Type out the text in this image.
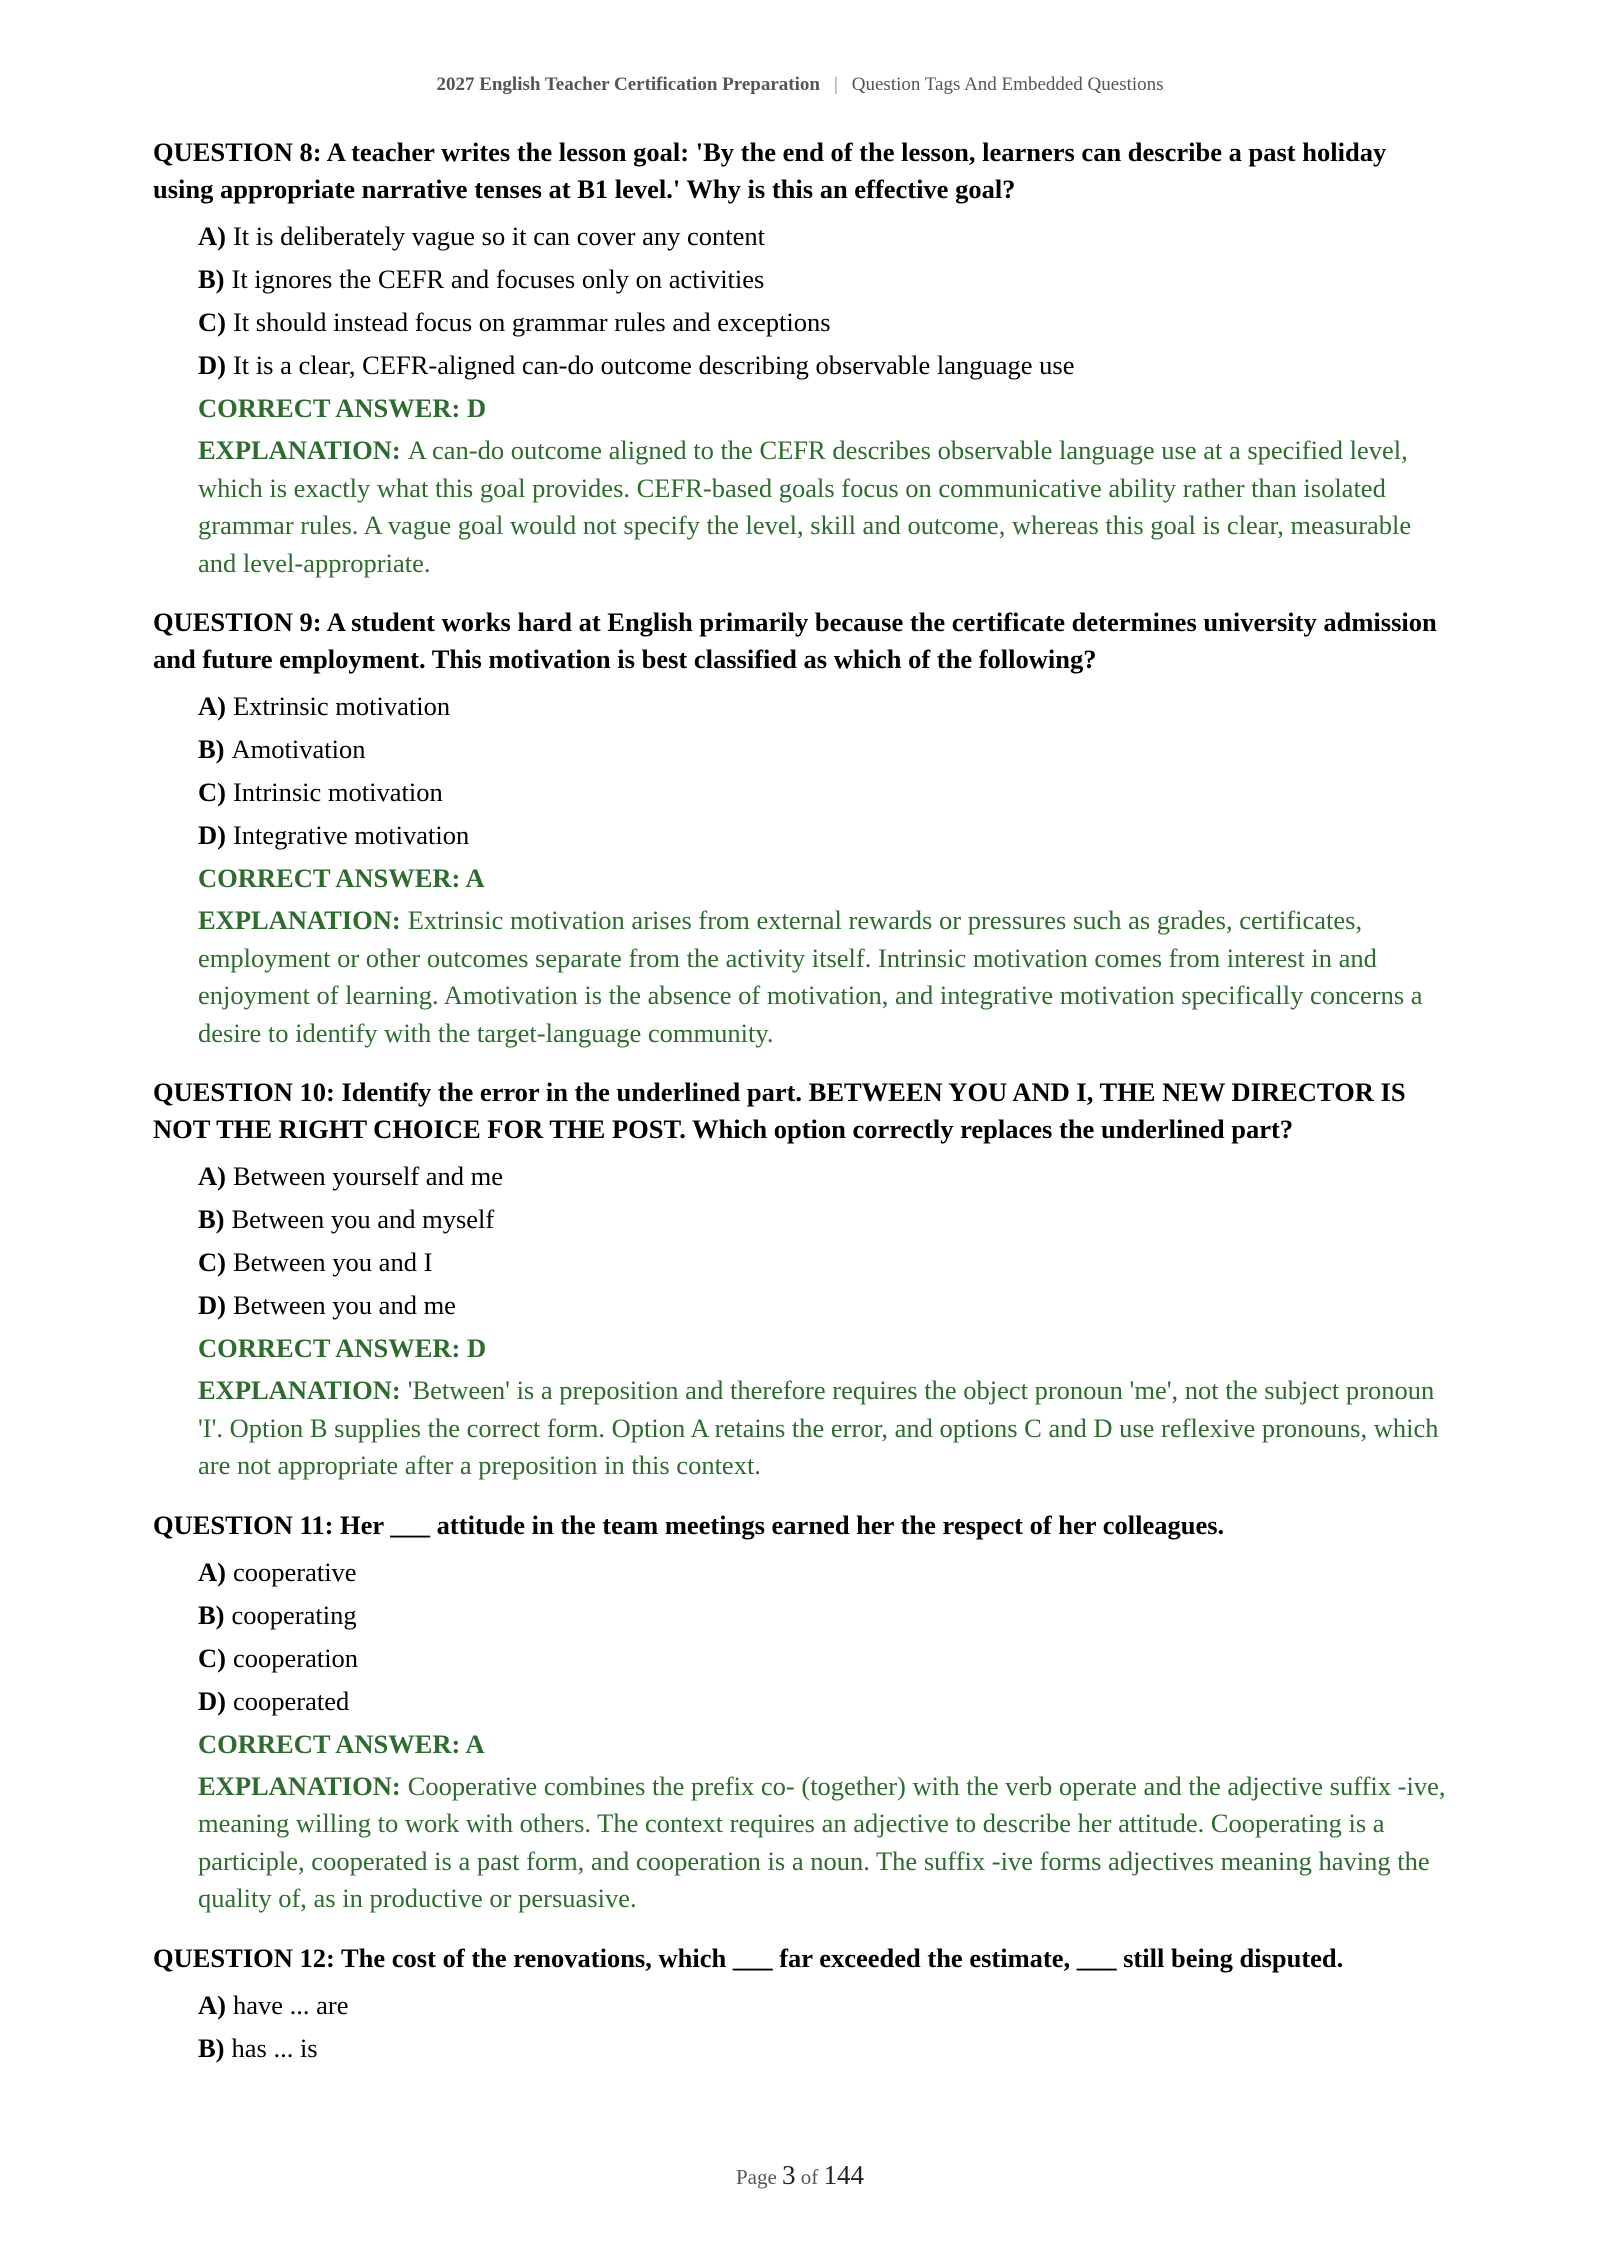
2027 English Teacher Certification Preparation | Question Tags And Embedded Questions

QUESTION 8: A teacher writes the lesson goal: 'By the end of the lesson, learners can describe a past holiday using appropriate narrative tenses at B1 level.' Why is this an effective goal?

A) It is deliberately vague so it can cover any content
B) It ignores the CEFR and focuses only on activities
C) It should instead focus on grammar rules and exceptions
D) It is a clear, CEFR-aligned can-do outcome describing observable language use
CORRECT ANSWER: D
EXPLANATION: A can-do outcome aligned to the CEFR describes observable language use at a specified level, which is exactly what this goal provides. CEFR-based goals focus on communicative ability rather than isolated grammar rules. A vague goal would not specify the level, skill and outcome, whereas this goal is clear, measurable and level-appropriate.

QUESTION 9: A student works hard at English primarily because the certificate determines university admission and future employment. This motivation is best classified as which of the following?

A) Extrinsic motivation
B) Amotivation
C) Intrinsic motivation
D) Integrative motivation
CORRECT ANSWER: A
EXPLANATION: Extrinsic motivation arises from external rewards or pressures such as grades, certificates, employment or other outcomes separate from the activity itself. Intrinsic motivation comes from interest in and enjoyment of learning. Amotivation is the absence of motivation, and integrative motivation specifically concerns a desire to identify with the target-language community.

QUESTION 10: Identify the error in the underlined part. BETWEEN YOU AND I, THE NEW DIRECTOR IS NOT THE RIGHT CHOICE FOR THE POST. Which option correctly replaces the underlined part?

A) Between yourself and me
B) Between you and myself
C) Between you and I
D) Between you and me
CORRECT ANSWER: D
EXPLANATION: 'Between' is a preposition and therefore requires the object pronoun 'me', not the subject pronoun 'I'. Option B supplies the correct form. Option A retains the error, and options C and D use reflexive pronouns, which are not appropriate after a preposition in this context.

QUESTION 11: Her ___ attitude in the team meetings earned her the respect of her colleagues.

A) cooperative
B) cooperating
C) cooperation
D) cooperated
CORRECT ANSWER: A
EXPLANATION: Cooperative combines the prefix co- (together) with the verb operate and the adjective suffix -ive, meaning willing to work with others. The context requires an adjective to describe her attitude. Cooperating is a participle, cooperated is a past form, and cooperation is a noun. The suffix -ive forms adjectives meaning having the quality of, as in productive or persuasive.

QUESTION 12: The cost of the renovations, which ___ far exceeded the estimate, ___ still being disputed.

A) have ... are
B) has ... is
Page 3 of 144
